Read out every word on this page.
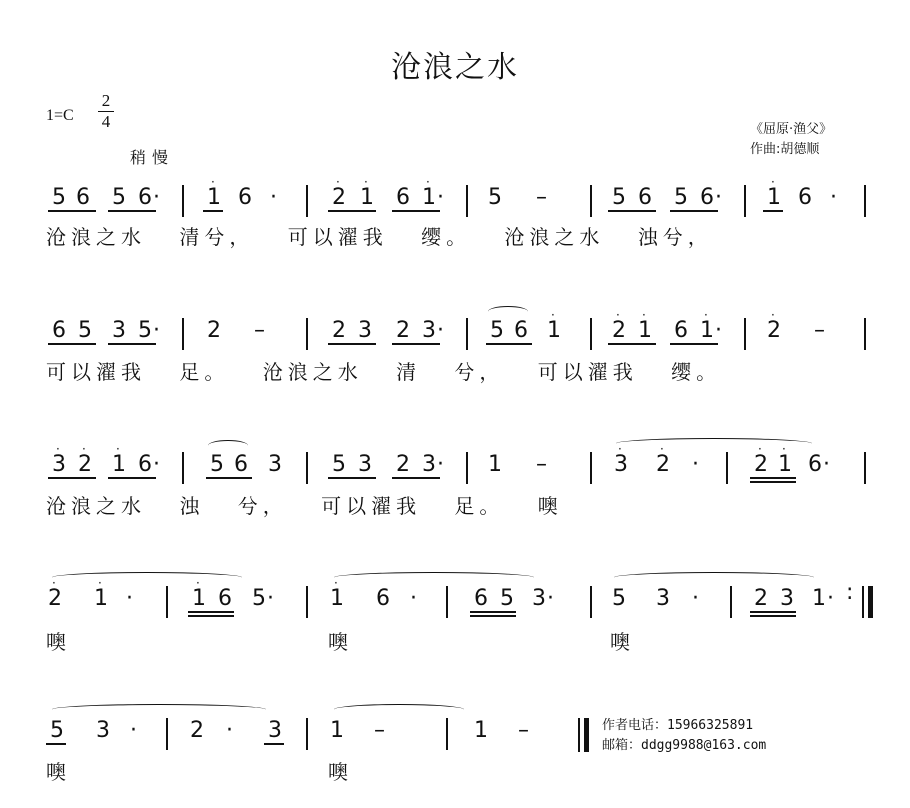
沧浪之水
1=C
2
4
稍慢
《屈原·渔父》
作曲:胡德顺
5 6 5 6 ·	1
·
6 ·	2
·
1
·
6 1 ·
·
5 –	5 6 5 6 · 1
·
6 ·
沧浪之水 清兮， 可以濯我 缨。 沧浪之水 浊兮，
6 5 3 5 ·	2 –	2 3 2 3 · 5 6 1
·
2
·
1
·
6 1 ·
·
2
·
–
可以濯我 足。 沧浪之水 清 兮， 可以濯我 缨。
3
·
2
·
1
·
6 ·	5 6 3 5 3 2 3 · 1 –	3
·
2
·
·	2
·
1
·
6 ·
沧浪之水 浊 兮， 可以濯我 足。 噢
2
·
1
·
·	1
·
6 5 ·	1
·
6 ·	6 5 3 ·	5 3 ·	2 3 1 · :
噢	噢	噢
5 3 · 2 · 3 1 –	1 –
噢	噢
作者电话：15966325891
邮箱：ddgg9988@163.com
